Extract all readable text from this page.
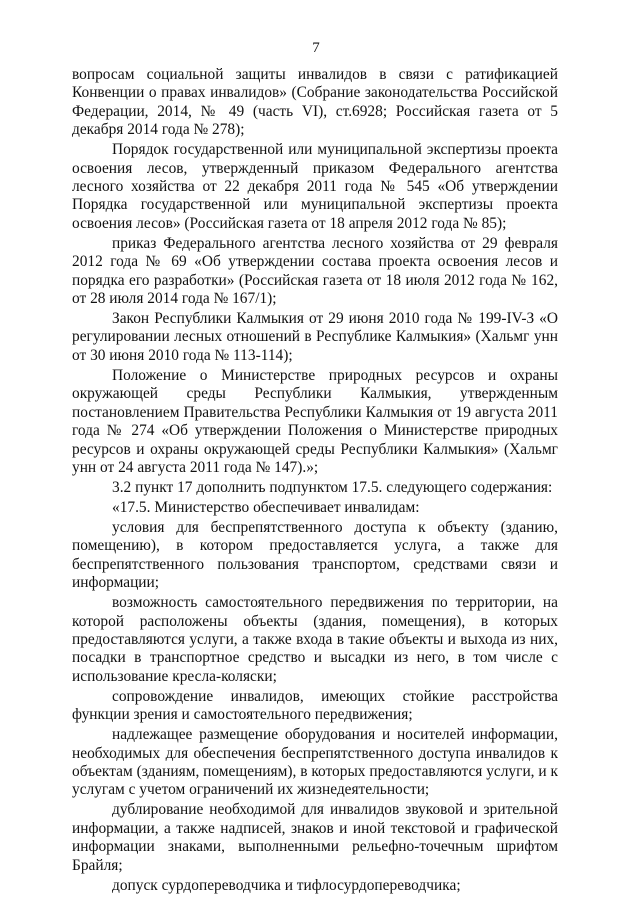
7

вопросам социальной защиты инвалидов в связи с ратификацией Конвенции о правах инвалидов» (Собрание законодательства Российской Федерации, 2014, № 49 (часть VI), ст.6928; Российская газета от 5 декабря 2014 года № 278);

Порядок государственной или муниципальной экспертизы проекта освоения лесов, утвержденный приказом Федерального агентства лесного хозяйства от 22 декабря 2011 года № 545 «Об утверждении Порядка государственной или муниципальной экспертизы проекта освоения лесов» (Российская газета от 18 апреля 2012 года № 85);

приказ Федерального агентства лесного хозяйства от 29 февраля 2012 года № 69 «Об утверждении состава проекта освоения лесов и порядка его разработки» (Российская газета от 18 июля 2012 года № 162, от 28 июля 2014 года № 167/1);

Закон Республики Калмыкия от 29 июня 2010 года № 199-IV-З «О регулировании лесных отношений в Республике Калмыкия» (Хальмг унн от 30 июня 2010 года № 113-114);

Положение о Министерстве природных ресурсов и охраны окружающей среды Республики Калмыкия, утвержденным постановлением Правительства Республики Калмыкия от 19 августа 2011 года № 274 «Об утверждении Положения о Министерстве природных ресурсов и охраны окружающей среды Республики Калмыкия» (Хальмг унн от 24 августа 2011 года № 147).»;

3.2 пункт 17 дополнить подпунктом 17.5. следующего содержания:

«17.5. Министерство обеспечивает инвалидам:

условия для беспрепятственного доступа к объекту (зданию, помещению), в котором предоставляется услуга, а также для беспрепятственного пользования транспортом, средствами связи и информации;

возможность самостоятельного передвижения по территории, на которой расположены объекты (здания, помещения), в которых предоставляются услуги, а также входа в такие объекты и выхода из них, посадки в транспортное средство и высадки из него, в том числе с использование кресла-коляски;

сопровождение инвалидов, имеющих стойкие расстройства функции зрения и самостоятельного передвижения;

надлежащее размещение оборудования и носителей информации, необходимых для обеспечения беспрепятственного доступа инвалидов к объектам (зданиям, помещениям), в которых предоставляются услуги, и к услугам с учетом ограничений их жизнедеятельности;

дублирование необходимой для инвалидов звуковой и зрительной информации, а также надписей, знаков и иной текстовой и графической информации знаками, выполненными рельефно-точечным шрифтом Брайля;

допуск сурдопереводчика и тифлосурдопереводчика;
